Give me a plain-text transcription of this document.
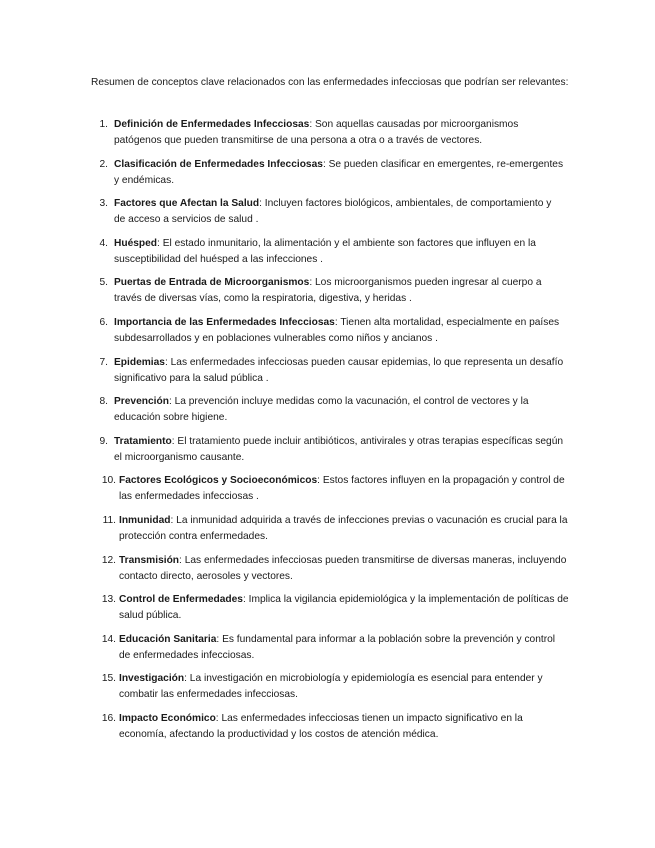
Resumen de conceptos clave relacionados con las enfermedades infecciosas que podrían ser relevantes:
1. Definición de Enfermedades Infecciosas: Son aquellas causadas por microorganismos patógenos que pueden transmitirse de una persona a otra o a través de vectores.
2. Clasificación de Enfermedades Infecciosas: Se pueden clasificar en emergentes, re-emergentes y endémicas.
3. Factores que Afectan la Salud: Incluyen factores biológicos, ambientales, de comportamiento y de acceso a servicios de salud .
4. Huésped: El estado inmunitario, la alimentación y el ambiente son factores que influyen en la susceptibilidad del huésped a las infecciones .
5. Puertas de Entrada de Microorganismos: Los microorganismos pueden ingresar al cuerpo a través de diversas vías, como la respiratoria, digestiva, y heridas .
6. Importancia de las Enfermedades Infecciosas: Tienen alta mortalidad, especialmente en países subdesarrollados y en poblaciones vulnerables como niños y ancianos .
7. Epidemias: Las enfermedades infecciosas pueden causar epidemias, lo que representa un desafío significativo para la salud pública .
8. Prevención: La prevención incluye medidas como la vacunación, el control de vectores y la educación sobre higiene.
9. Tratamiento: El tratamiento puede incluir antibióticos, antivirales y otras terapias específicas según el microorganismo causante.
10. Factores Ecológicos y Socioeconómicos: Estos factores influyen en la propagación y control de las enfermedades infecciosas .
11. Inmunidad: La inmunidad adquirida a través de infecciones previas o vacunación es crucial para la protección contra enfermedades.
12. Transmisión: Las enfermedades infecciosas pueden transmitirse de diversas maneras, incluyendo contacto directo, aerosoles y vectores.
13. Control de Enfermedades: Implica la vigilancia epidemiológica y la implementación de políticas de salud pública.
14. Educación Sanitaria: Es fundamental para informar a la población sobre la prevención y control de enfermedades infecciosas.
15. Investigación: La investigación en microbiología y epidemiología es esencial para entender y combatir las enfermedades infecciosas.
16. Impacto Económico: Las enfermedades infecciosas tienen un impacto significativo en la economía, afectando la productividad y los costos de atención médica.
